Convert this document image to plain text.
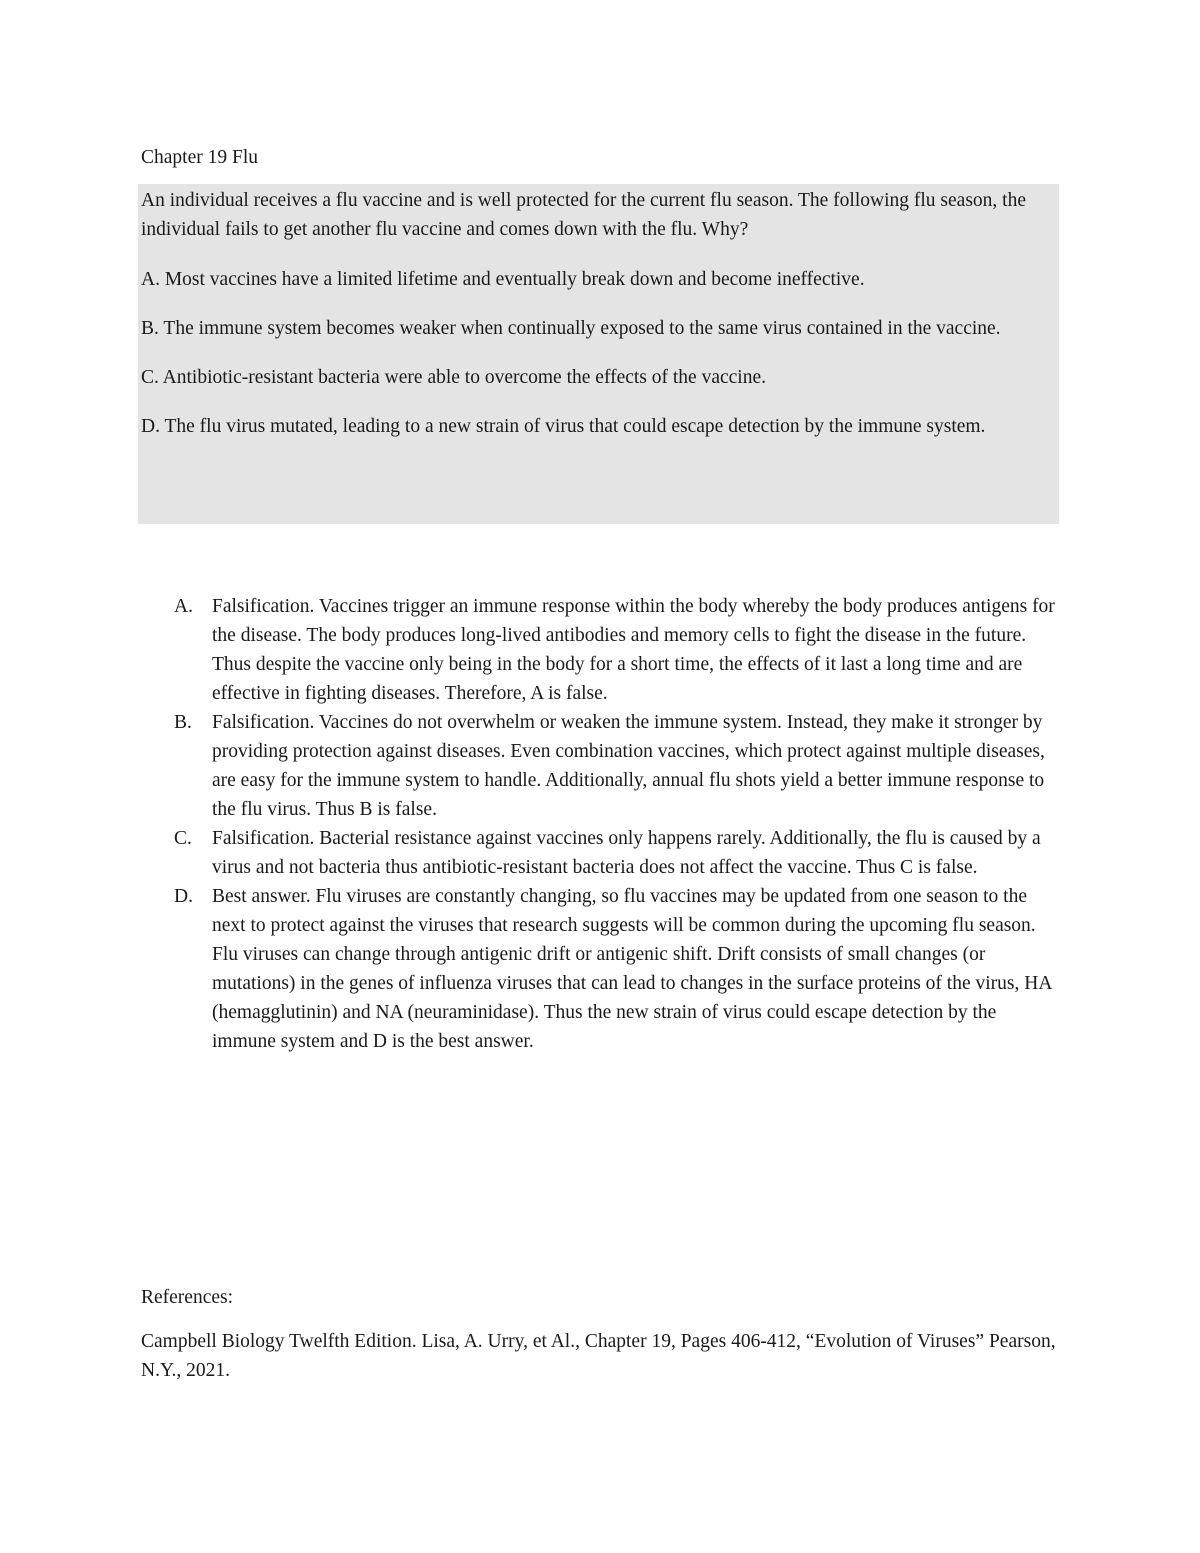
Chapter 19 Flu

An individual receives a flu vaccine and is well protected for the current flu season. The following flu season, the individual fails to get another flu vaccine and comes down with the flu. Why?

A. Most vaccines have a limited lifetime and eventually break down and become ineffective.

B. The immune system becomes weaker when continually exposed to the same virus contained in the vaccine.

C. Antibiotic-resistant bacteria were able to overcome the effects of the vaccine.

D. The flu virus mutated, leading to a new strain of virus that could escape detection by the immune system.

A. Falsification. Vaccines trigger an immune response within the body whereby the body produces antigens for the disease. The body produces long-lived antibodies and memory cells to fight the disease in the future. Thus despite the vaccine only being in the body for a short time, the effects of it last a long time and are effective in fighting diseases. Therefore, A is false.
B. Falsification. Vaccines do not overwhelm or weaken the immune system. Instead, they make it stronger by providing protection against diseases. Even combination vaccines, which protect against multiple diseases, are easy for the immune system to handle. Additionally, annual flu shots yield a better immune response to the flu virus. Thus B is false.
C. Falsification. Bacterial resistance against vaccines only happens rarely. Additionally, the flu is caused by a virus and not bacteria thus antibiotic-resistant bacteria does not affect the vaccine. Thus C is false.
D. Best answer. Flu viruses are constantly changing, so flu vaccines may be updated from one season to the next to protect against the viruses that research suggests will be common during the upcoming flu season. Flu viruses can change through antigenic drift or antigenic shift. Drift consists of small changes (or mutations) in the genes of influenza viruses that can lead to changes in the surface proteins of the virus, HA (hemagglutinin) and NA (neuraminidase). Thus the new strain of virus could escape detection by the immune system and D is the best answer.

References:

Campbell Biology Twelfth Edition. Lisa, A. Urry, et Al., Chapter 19, Pages 406-412, “Evolution of Viruses” Pearson, N.Y., 2021.
